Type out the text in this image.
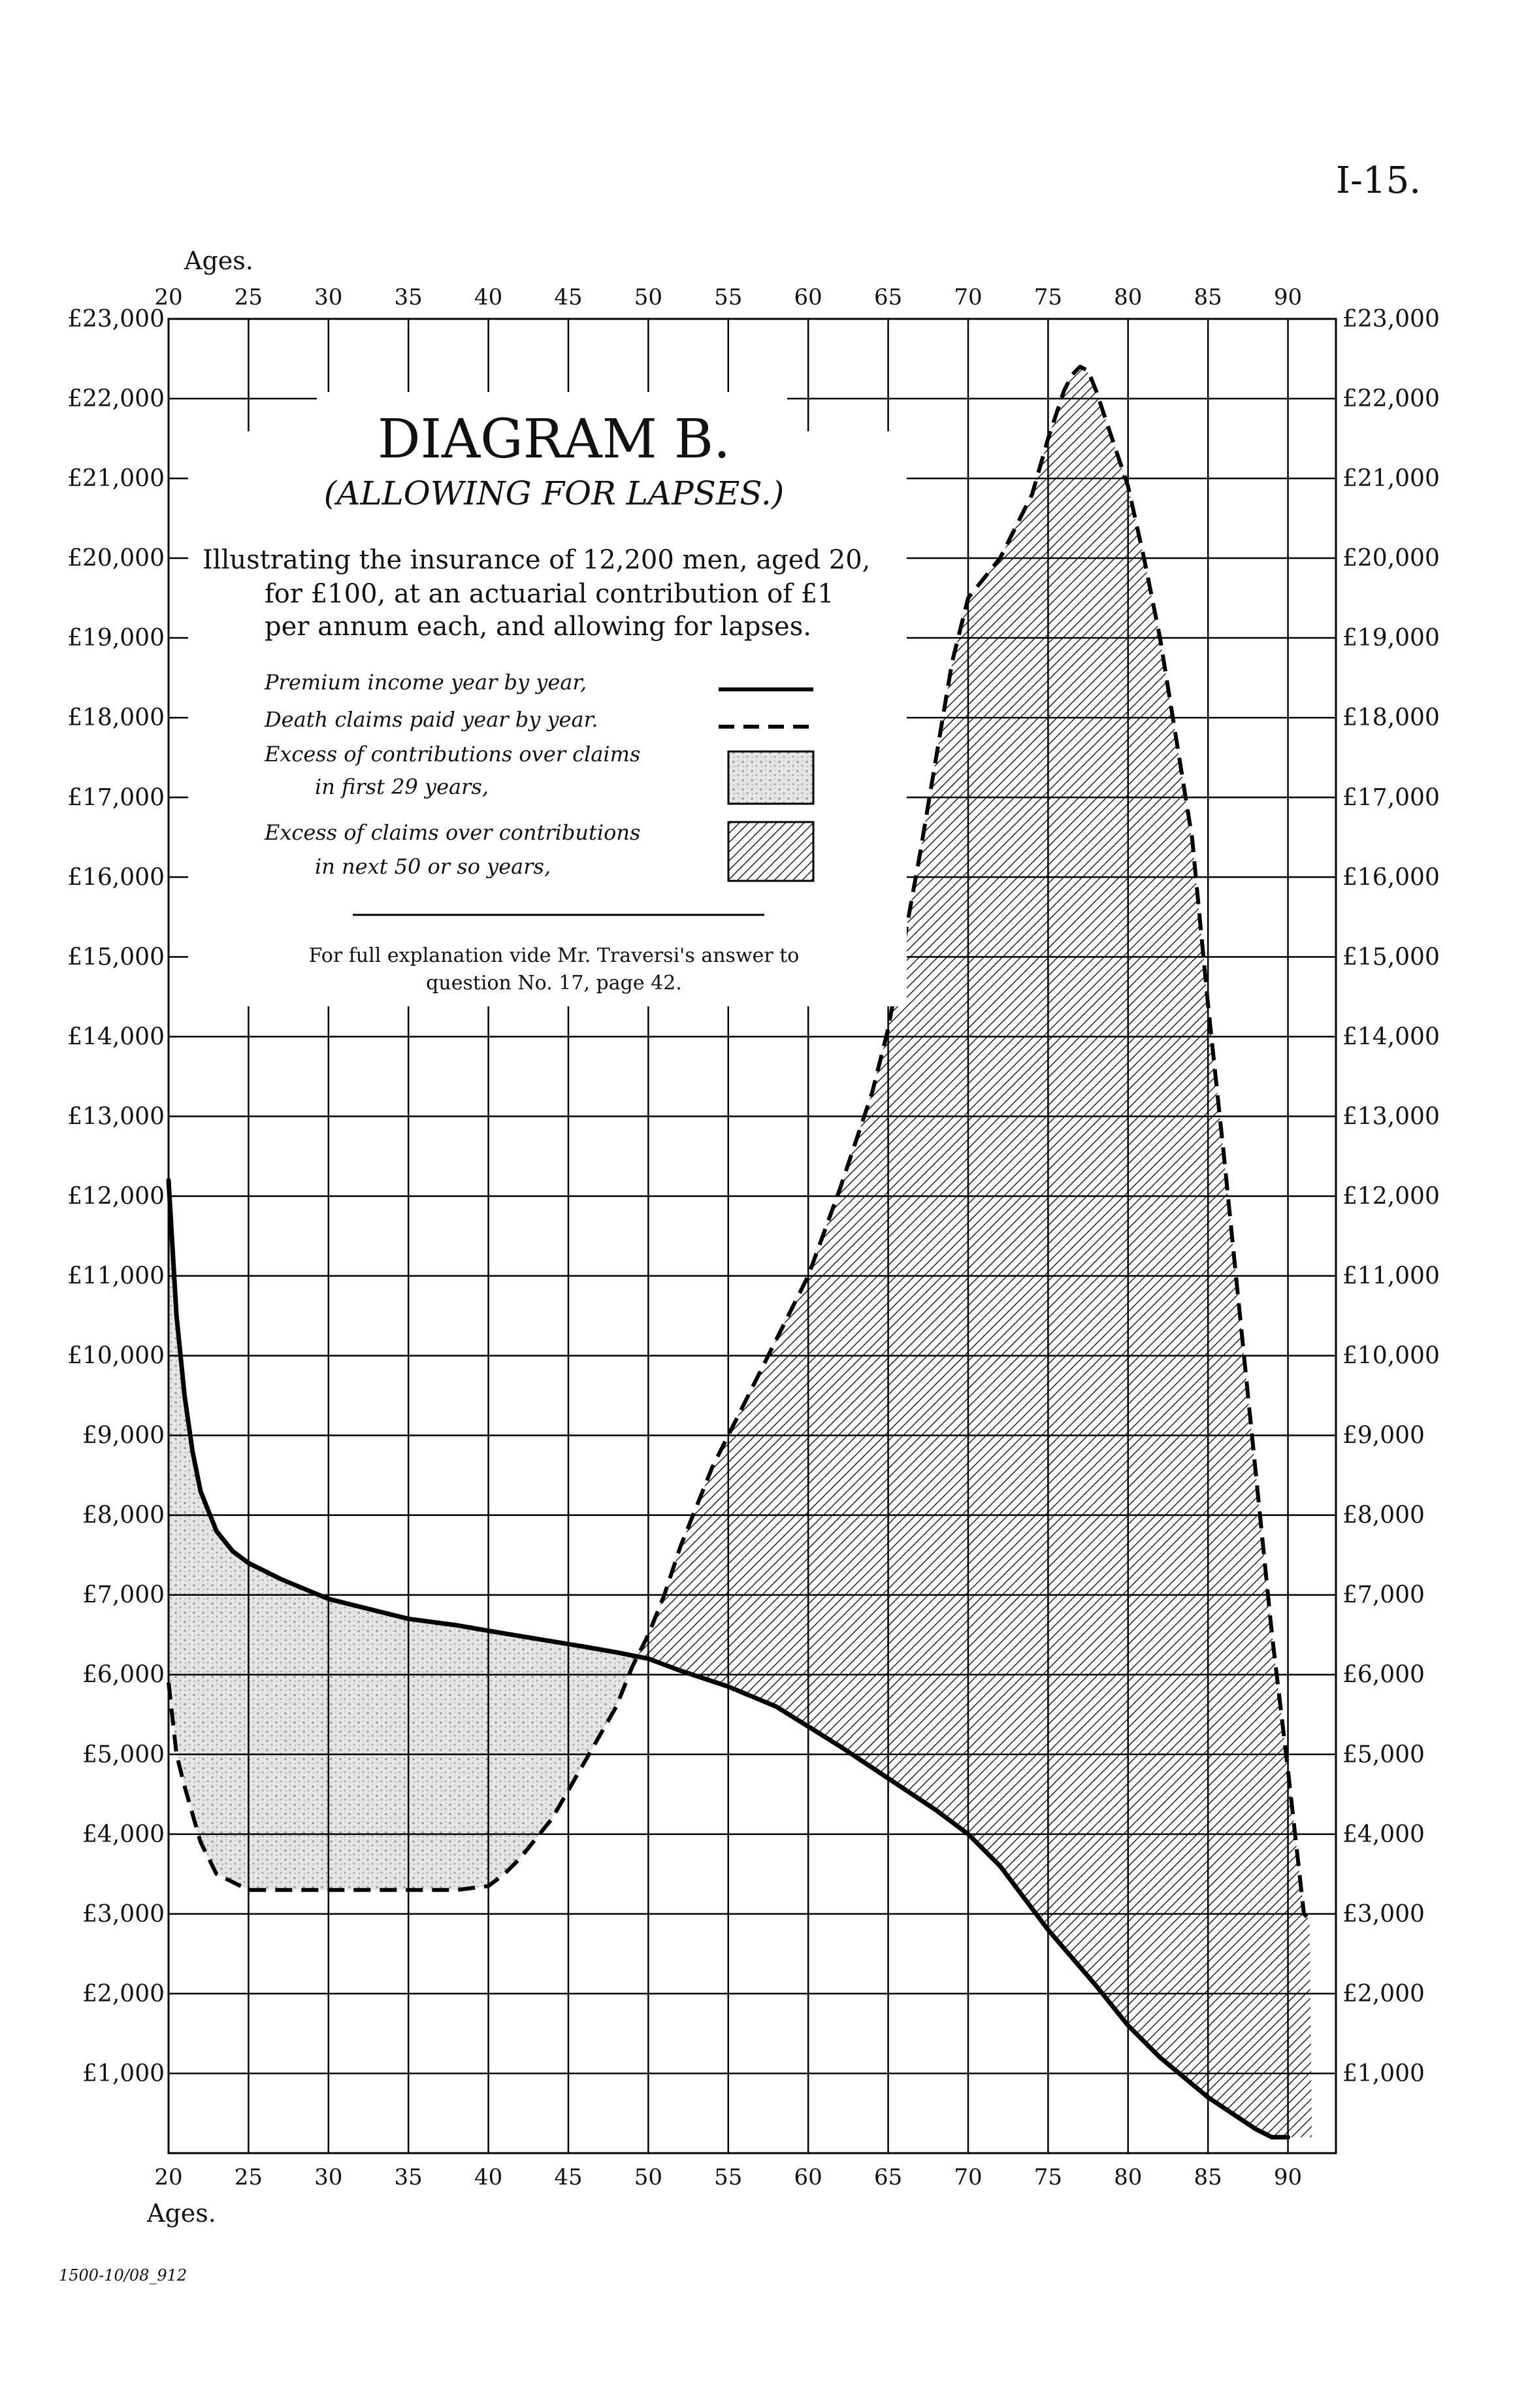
I-15.
1500-10/08_912
£1,000
£2,000
£3,000
£4,000
£5,000
£6,000
£7,000
£8,000
£9,000
£10,000
£11,000
£12,000
£13,000
£14,000
£15,000
£16,000
£17,000
£18,000
£19,000
£20,000
£21,000
£22,000
£23,000
£1,000
£2,000
£3,000
£4,000
£5,000
£6,000
£7,000
£8,000
£9,000
£10,000
£11,000
£12,000
£13,000
£14,000
£15,000
£16,000
£17,000
£18,000
£19,000
£20,000
£21,000
£22,000
£23,000
20 25 30 35 40 45 50 55 60 65 70 75 80 85 90
20 25 30 35 40 45 50 55 60 65 70 75 80 85 90
Ages.
Ages.
DIAGRAM B.
(ALLOWING FOR LAPSES.)
Illustrating the insurance of 12,200 men, aged 20,
for £100, at an actuarial contribution of £1
per annum each, and allowing for lapses.
Premium income year by year,
Death claims paid year by year.
Excess of contributions over claims
in first 29 years,
Excess of claims over contributions
in next 50 or so years,
For full explanation vide Mr. Traversi's answer to
question No. 17, page 42.
